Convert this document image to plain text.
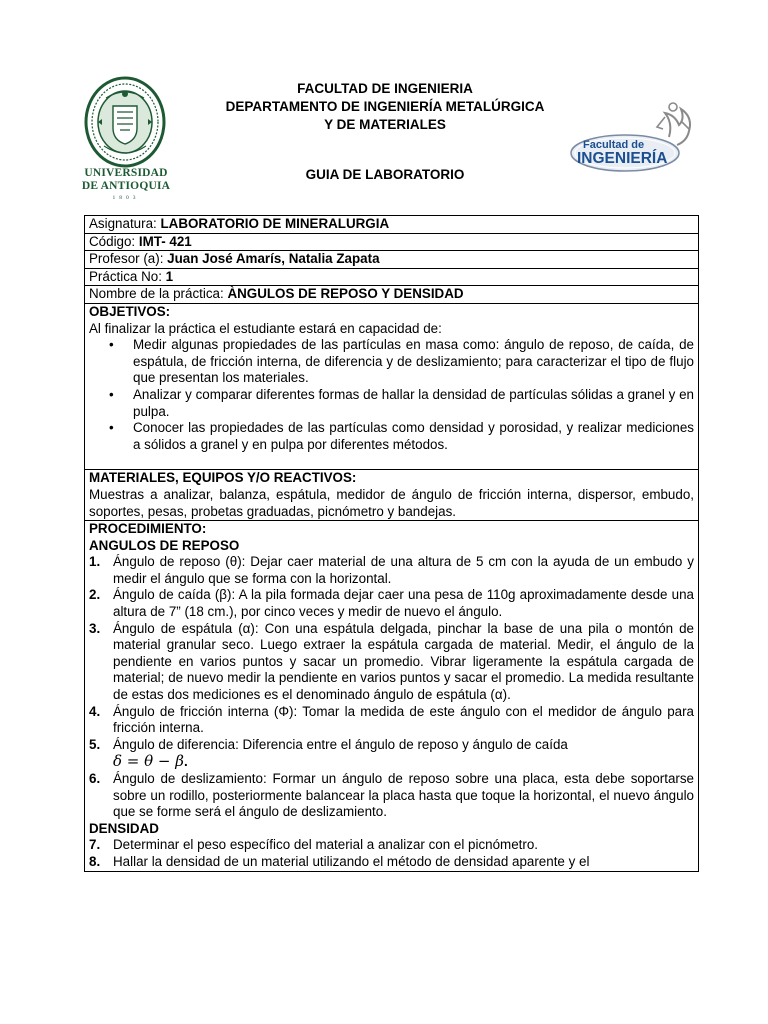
UNIVERSIDAD
DE ANTIOQUIA
1803
FACULTAD DE INGENIERIA
DEPARTAMENTO DE INGENIERÍA METALÚRGICA
Y DE MATERIALES
GUIA DE LABORATORIO
Facultad de
INGENIERÍA
Asignatura: LABORATORIO DE MINERALURGIA
Código: IMT- 421
Profesor (a): Juan José Amarís, Natalia Zapata
Práctica No: 1
Nombre de la práctica: ÀNGULOS DE REPOSO Y DENSIDAD

OBJETIVOS:
Al finalizar la práctica el estudiante estará en capacidad de:
• Medir algunas propiedades de las partículas en masa como: ángulo de reposo, de caída, de espátula, de fricción interna, de diferencia y de deslizamiento; para caracterizar el tipo de flujo que presentan los materiales.
• Analizar y comparar diferentes formas de hallar la densidad de partículas sólidas a granel y en pulpa.
• Conocer las propiedades de las partículas como densidad y porosidad, y realizar mediciones a sólidos a granel y en pulpa por diferentes métodos.

MATERIALES, EQUIPOS Y/O REACTIVOS:
Muestras a analizar, balanza, espátula, medidor de ángulo de fricción interna, dispersor, embudo, soportes, pesas, probetas graduadas, picnómetro y bandejas.

PROCEDIMIENTO:
ANGULOS DE REPOSO
1. Ángulo de reposo (θ): Dejar caer material de una altura de 5 cm con la ayuda de un embudo y medir el ángulo que se forma con la horizontal.
2. Ángulo de caída (β): A la pila formada dejar caer una pesa de 110g aproximadamente desde una altura de 7” (18 cm.), por cinco veces y medir de nuevo el ángulo.
3. Ángulo de espátula (α): Con una espátula delgada, pinchar la base de una pila o montón de material granular seco. Luego extraer la espátula cargada de material. Medir, el ángulo de la pendiente en varios puntos y sacar un promedio. Vibrar ligeramente la espátula cargada de material; de nuevo medir la pendiente en varios puntos y sacar el promedio. La medida resultante de estas dos mediciones es el denominado ángulo de espátula (α).
4. Ángulo de fricción interna (Φ): Tomar la medida de este ángulo con el medidor de ángulo para fricción interna.
5. Ángulo de diferencia: Diferencia entre el ángulo de reposo y ángulo de caída
δ = θ − β.
6. Ángulo de deslizamiento: Formar un ángulo de reposo sobre una placa, esta debe soportarse sobre un rodillo, posteriormente balancear la placa hasta que toque la horizontal, el nuevo ángulo que se forme será el ángulo de deslizamiento.
DENSIDAD
7. Determinar el peso específico del material a analizar con el picnómetro.
8. Hallar la densidad de un material utilizando el método de densidad aparente y el
